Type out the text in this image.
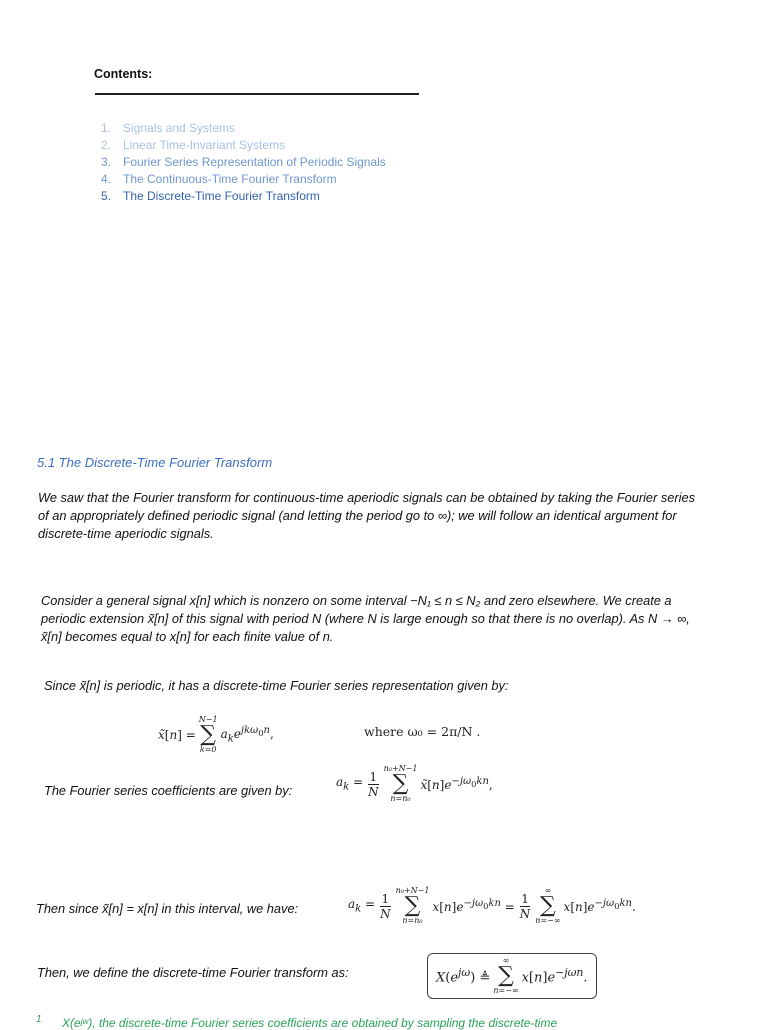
Contents:
1. Signals and Systems
2. Linear Time-Invariant Systems
3. Fourier Series Representation of Periodic Signals
4. The Continuous-Time Fourier Transform
5. The Discrete-Time Fourier Transform
5.1 The Discrete-Time Fourier Transform
We saw that the Fourier transform for continuous-time aperiodic signals can be obtained by taking the Fourier series of an appropriately defined periodic signal (and letting the period go to ∞); we will follow an identical argument for discrete-time aperiodic signals.
Consider a general signal x[n] which is nonzero on some interval −N₁ ≤ n ≤ N₂ and zero elsewhere. We create a periodic extension x̃[n] of this signal with period N (where N is large enough so that there is no overlap). As N → ∞, x̃[n] becomes equal to x[n] for each finite value of n.
Since x̃[n] is periodic, it has a discrete-time Fourier series representation given by:
x̃[n] =
N−1
∑
k=0
$a_ke^{jk\omega_0n}$,	where ω₀ = 2π/N .
The Fourier series coefficients are given by:
$a_k = \frac{1}{N}$
n₀+N−1
∑
n=n₀
$x̃[n]e^{-j\omega_0kn}$,
Then since x̃[n] = x[n] in this interval, we have:	$a_k = \frac{1}{N}$
n₀+N−1
∑
n=n₀
$x[n]e^{-j\omega_0kn} = \frac{1}{N}$
∞
∑
n=−∞
$x[n]e^{-j\omega_0kn}$.
Then, we define the discrete-time Fourier transform as:	$X(e^{j\omega})$ ≜
∞
∑
n=−∞
$x[n]e^{-j\omega n}$.
$^1$ X(eʲʷ), the discrete-time Fourier series coefficients are obtained by sampling the discrete-time
